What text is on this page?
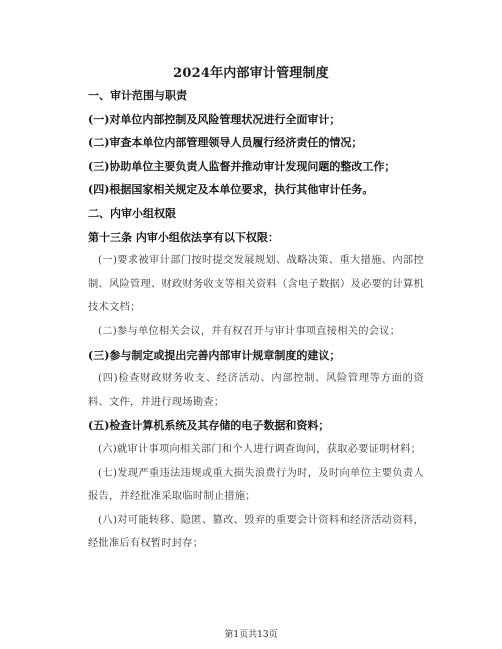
2024年内部审计管理制度

一、审计范围与职责

(一)对单位内部控制及风险管理状况进行全面审计；

(二)审查本单位内部管理领导人员履行经济责任的情况；

(三)协助单位主要负责人监督并推动审计发现问题的整改工作；

(四)根据国家相关规定及本单位要求，执行其他审计任务。

二、内审小组权限

第十三条 内审小组依法享有以下权限：

(一)要求被审计部门按时提交发展规划、战略决策、重大措施、内部控制、风险管理、财政财务收支等相关资料（含电子数据）及必要的计算机技术文档；

(二)参与单位相关会议，并有权召开与审计事项直接相关的会议；

(三)参与制定或提出完善内部审计规章制度的建议；

(四)检查财政财务收支、经济活动、内部控制、风险管理等方面的资料、文件，并进行现场勘查；

(五)检查计算机系统及其存储的电子数据和资料；

(六)就审计事项向相关部门和个人进行调查询问，获取必要证明材料；

(七)发现严重违法违规或重大损失浪费行为时，及时向单位主要负责人报告，并经批准采取临时制止措施；

(八)对可能转移、隐匿、篡改、毁弃的重要会计资料和经济活动资料，经批准后有权暂时封存；

第1页共13页
